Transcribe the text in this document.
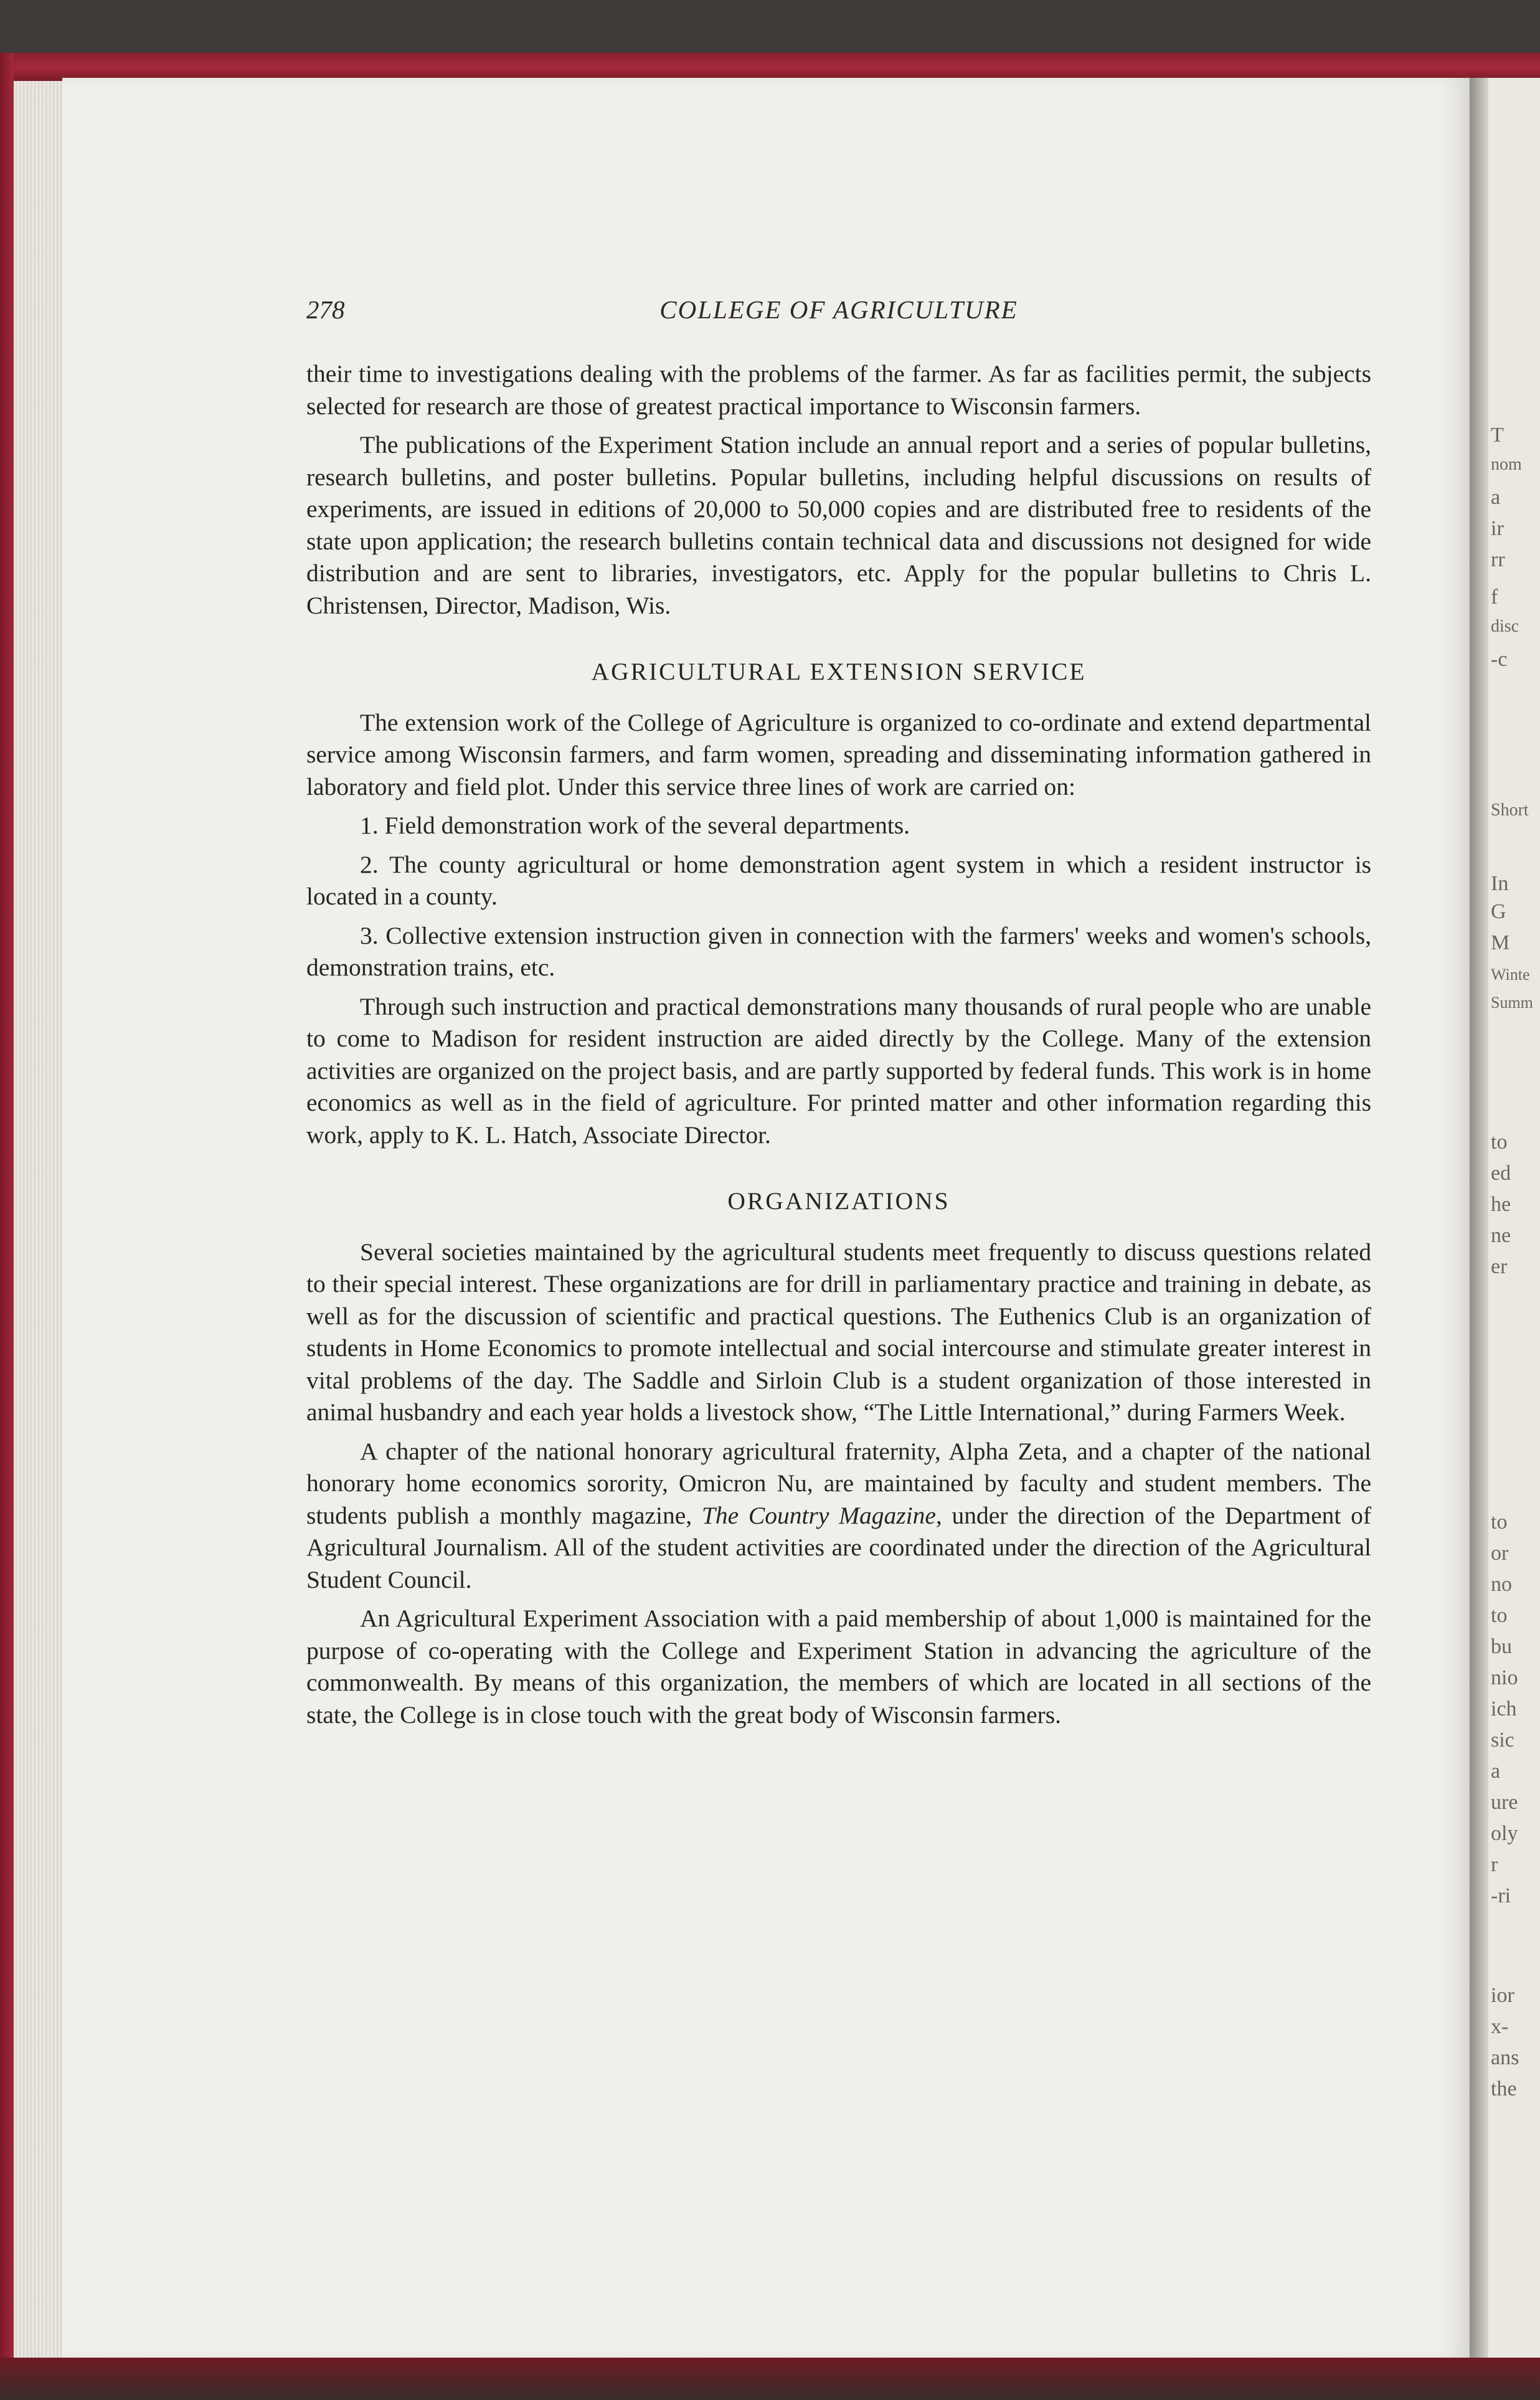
T
nom
a
ir
rr
f
disc
-c
Short
In
G
M
Winte
Summ
to
ed
he
ne
er
to
or
no
to
bu
nio
ich
sic
a
ure
oly
r
-ri
ior
x-
ans
the
278	COLLEGE OF AGRICULTURE

their time to investigations dealing with the problems of the farmer. As far as facilities permit, the subjects selected for research are those of greatest practical importance to Wisconsin farmers.

The publications of the Experiment Station include an annual report and a series of popular bulletins, research bulletins, and poster bulletins. Popular bulletins, including helpful discussions on results of experiments, are issued in editions of 20,000 to 50,000 copies and are distributed free to residents of the state upon application; the research bulletins contain technical data and discussions not designed for wide distribution and are sent to libraries, investigators, etc. Apply for the popular bulletins to Chris L. Christensen, Director, Madison, Wis.

AGRICULTURAL EXTENSION SERVICE

The extension work of the College of Agriculture is organized to co-ordinate and extend departmental service among Wisconsin farmers, and farm women, spreading and disseminating information gathered in laboratory and field plot. Under this service three lines of work are carried on:

1. Field demonstration work of the several departments.
2. The county agricultural or home demonstration agent system in which a resident instructor is located in a county.
3. Collective extension instruction given in connection with the farmers' weeks and women's schools, demonstration trains, etc.

Through such instruction and practical demonstrations many thousands of rural people who are unable to come to Madison for resident instruction are aided directly by the College. Many of the extension activities are organized on the project basis, and are partly supported by federal funds. This work is in home economics as well as in the field of agriculture. For printed matter and other information regarding this work, apply to K. L. Hatch, Associate Director.

ORGANIZATIONS

Several societies maintained by the agricultural students meet frequently to discuss questions related to their special interest. These organizations are for drill in parliamentary practice and training in debate, as well as for the discussion of scientific and practical questions. The Euthenics Club is an organization of students in Home Economics to promote intellectual and social intercourse and stimulate greater interest in vital problems of the day. The Saddle and Sirloin Club is a student organization of those interested in animal husbandry and each year holds a livestock show, “The Little International,” during Farmers Week.

A chapter of the national honorary agricultural fraternity, Alpha Zeta, and a chapter of the national honorary home economics sorority, Omicron Nu, are maintained by faculty and student members. The students publish a monthly magazine, The Country Magazine, under the direction of the Department of Agricultural Journalism. All of the student activities are coordinated under the direction of the Agricultural Student Council.

An Agricultural Experiment Association with a paid membership of about 1,000 is maintained for the purpose of co-operating with the College and Experiment Station in advancing the agriculture of the commonwealth. By means of this organization, the members of which are located in all sections of the state, the College is in close touch with the great body of Wisconsin farmers.
